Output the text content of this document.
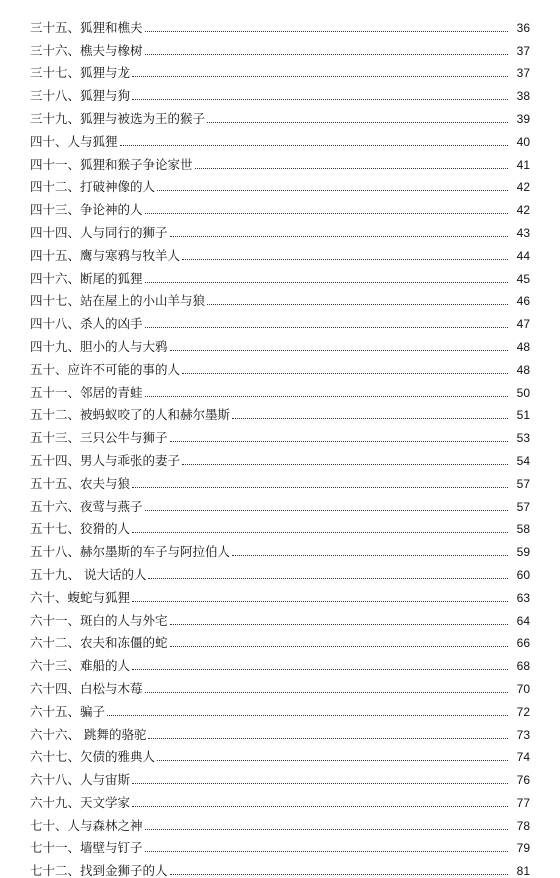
三十五、狐狸和樵夫	36
三十六、樵夫与橡树	37
三十七、狐狸与龙	37
三十八、狐狸与狗	38
三十九、狐狸与被选为王的猴子	39
四十、人与狐狸	40
四十一、狐狸和猴子争论家世	41
四十二、打破神像的人	42
四十三、争论神的人	42
四十四、人与同行的狮子	43
四十五、鹰与寒鸦与牧羊人	44
四十六、断尾的狐狸	45
四十七、站在屋上的小山羊与狼	46
四十八、杀人的凶手	47
四十九、胆小的人与大鸦	48
五十、应许不可能的事的人	48
五十一、邻居的青蛙	50
五十二、被蚂蚁咬了的人和赫尔墨斯	51
五十三、三只公牛与狮子	53
五十四、男人与乖张的妻子	54
五十五、农夫与狼	57
五十六、夜莺与燕子	57
五十七、狡猾的人	58
五十八、赫尔墨斯的车子与阿拉伯人	59
五十九、 说大话的人	60
六十、蝮蛇与狐狸	63
六十一、斑白的人与外宅	64
六十二、农夫和冻僵的蛇	66
六十三、难船的人	68
六十四、白松与木莓	70
六十五、骗子	72
六十六、 跳舞的骆驼	73
六十七、欠债的雅典人	74
六十八、人与宙斯	76
六十九、天文学家	77
七十、人与森林之神	78
七十一、墙壁与钉子	79
七十二、找到金狮子的人	81
